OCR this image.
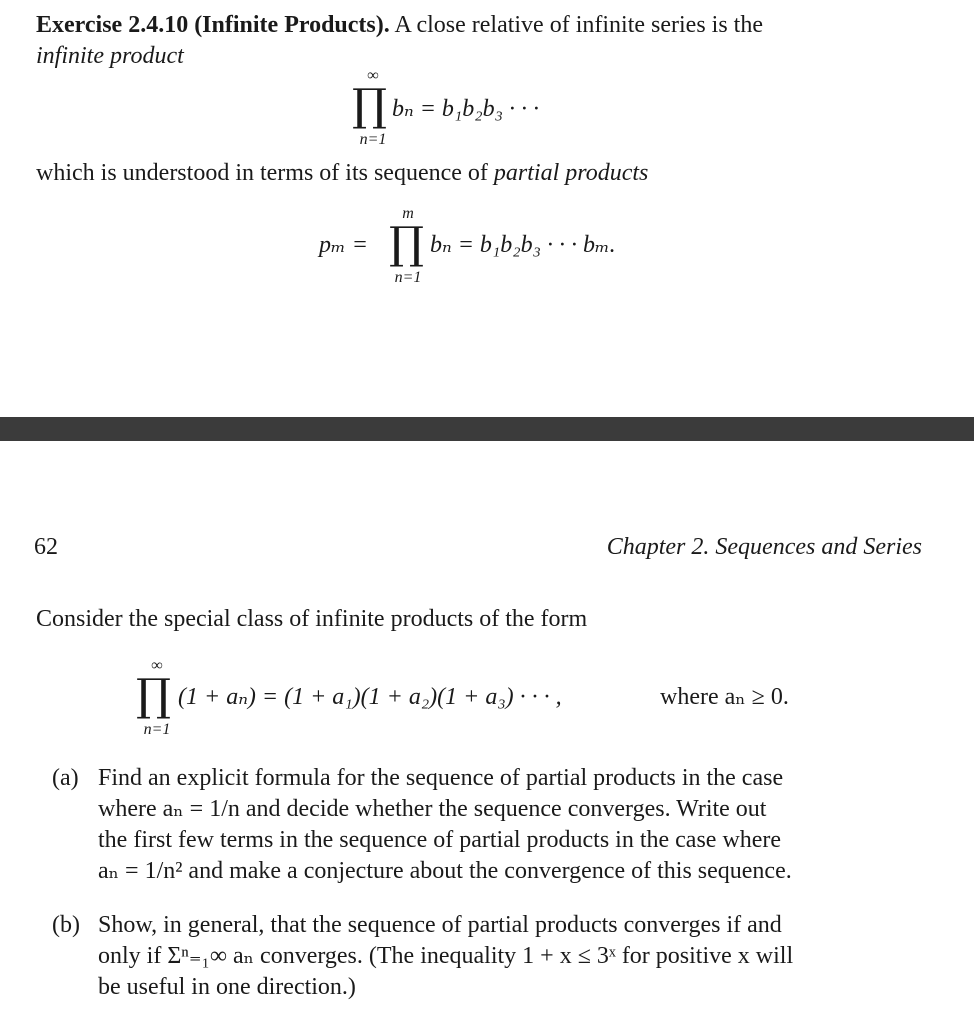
Exercise 2.4.10 (Infinite Products). A close relative of infinite series is the
infinite product
∏
∞
n=1
bₙ = b₁b₂b₃ · · ·
which is understood in terms of its sequence of partial products
pₘ = ∏
m
n=1
bₙ = b₁b₂b₃ · · · bₘ.
62	Chapter 2. Sequences and Series
Consider the special class of infinite products of the form
∏
∞
n=1
(1 + aₙ) = (1 + a₁)(1 + a₂)(1 + a₃) · · · ,	where aₙ ≥ 0.
(a) Find an explicit formula for the sequence of partial products in the case
where aₙ = 1/n and decide whether the sequence converges. Write out
the first few terms in the sequence of partial products in the case where
aₙ = 1/n² and make a conjecture about the convergence of this sequence.
(b) Show, in general, that the sequence of partial products converges if and
only if Σⁿ₌₁∞ aₙ converges. (The inequality 1 + x ≤ 3ˣ for positive x will
be useful in one direction.)
